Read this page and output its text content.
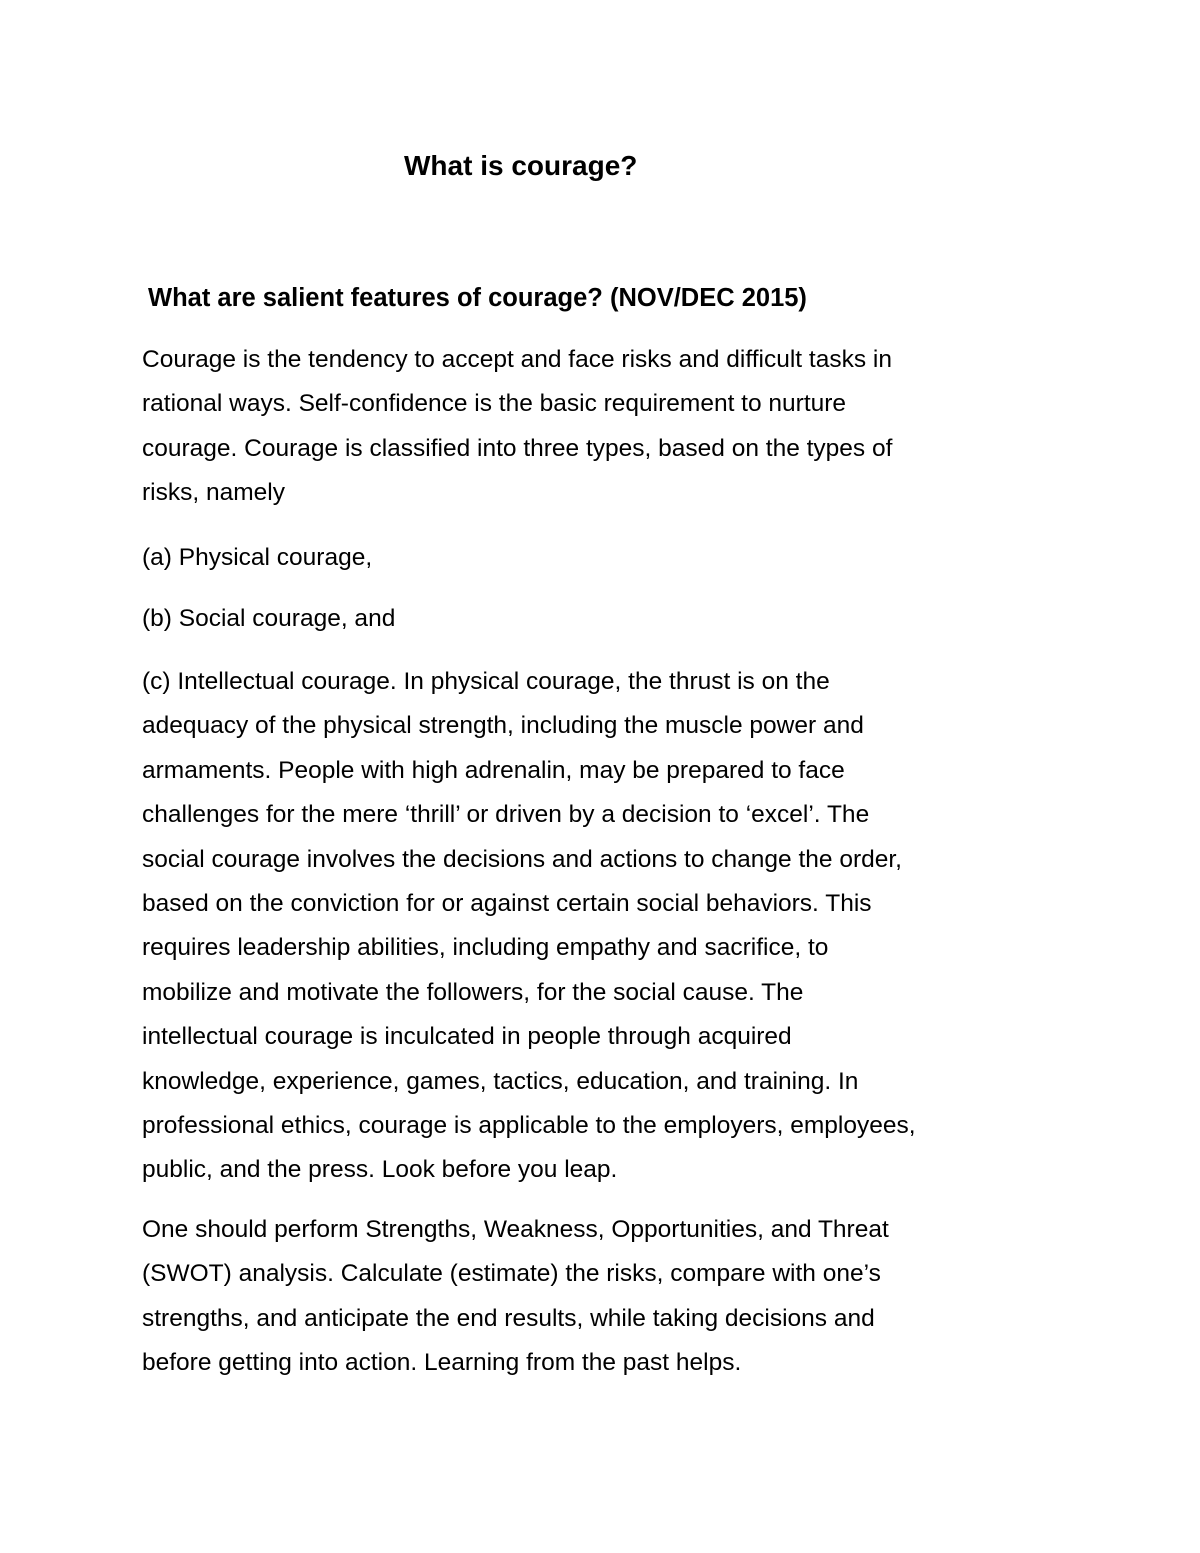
What is courage?
What are salient features of courage? (NOV/DEC 2015)

Courage is the tendency to accept and face risks and difficult tasks in
rational ways. Self-confidence is the basic requirement to nurture
courage. Courage is classified into three types, based on the types of
risks, namely

(a) Physical courage,

(b) Social courage, and

(c) Intellectual courage. In physical courage, the thrust is on the
adequacy of the physical strength, including the muscle power and
armaments. People with high adrenalin, may be prepared to face
challenges for the mere ‘thrill’ or driven by a decision to ‘excel’. The
social courage involves the decisions and actions to change the order,
based on the conviction for or against certain social behaviors. This
requires leadership abilities, including empathy and sacrifice, to
mobilize and motivate the followers, for the social cause. The
intellectual courage is inculcated in people through acquired
knowledge, experience, games, tactics, education, and training. In
professional ethics, courage is applicable to the employers, employees,
public, and the press. Look before you leap.

One should perform Strengths, Weakness, Opportunities, and Threat
(SWOT) analysis. Calculate (estimate) the risks, compare with one’s
strengths, and anticipate the end results, while taking decisions and
before getting into action. Learning from the past helps.
